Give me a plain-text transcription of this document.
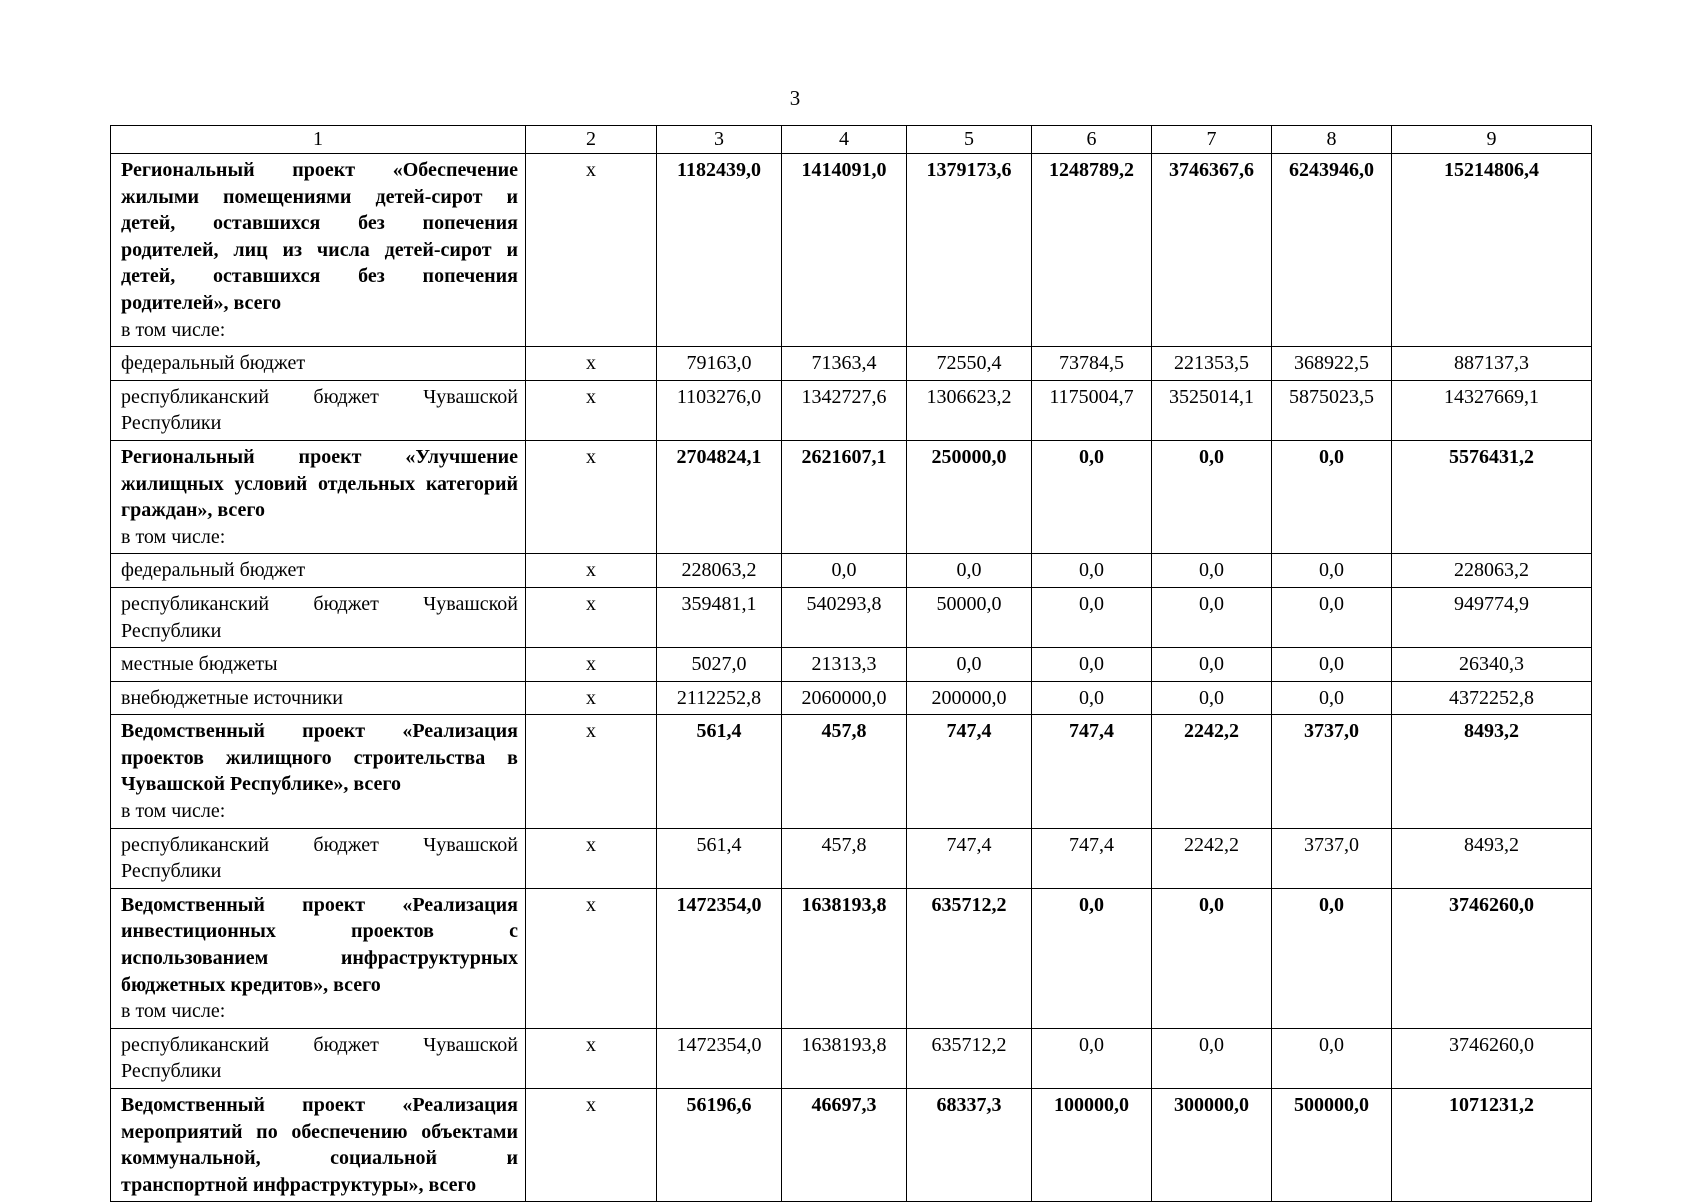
3
1	2	3	4	5	6	7	8	9

Региональный проект «Обеспечение жилыми помещениями детей-сирот и детей, оставшихся без попечения родителей, лиц из числа детей-сирот и детей, оставшихся без попечения родителей», всего
в том числе:	х	1182439,0	1414091,0	1379173,6	1248789,2	3746367,6	6243946,0	15214806,4

федеральный бюджет	х	79163,0	71363,4	72550,4	73784,5	221353,5	368922,5	887137,3

республиканский бюджет Чувашской Республики	х	1103276,0	1342727,6	1306623,2	1175004,7	3525014,1	5875023,5	14327669,1

Региональный проект «Улучшение жилищных условий отдельных категорий граждан», всего
в том числе:	х	2704824,1	2621607,1	250000,0	0,0	0,0	0,0	5576431,2

федеральный бюджет	х	228063,2	0,0	0,0	0,0	0,0	0,0	228063,2

республиканский бюджет Чувашской Республики	х	359481,1	540293,8	50000,0	0,0	0,0	0,0	949774,9

местные бюджеты	х	5027,0	21313,3	0,0	0,0	0,0	0,0	26340,3

внебюджетные источники	х	2112252,8	2060000,0	200000,0	0,0	0,0	0,0	4372252,8

Ведомственный проект «Реализация проектов жилищного строительства в Чувашской Республике», всего
в том числе:	х	561,4	457,8	747,4	747,4	2242,2	3737,0	8493,2

республиканский бюджет Чувашской Республики	х	561,4	457,8	747,4	747,4	2242,2	3737,0	8493,2

Ведомственный проект «Реализация инвестиционных проектов с использованием инфраструктурных бюджетных кредитов», всего
в том числе:	х	1472354,0	1638193,8	635712,2	0,0	0,0	0,0	3746260,0

республиканский бюджет Чувашской Республики	х	1472354,0	1638193,8	635712,2	0,0	0,0	0,0	3746260,0

Ведомственный проект «Реализация мероприятий по обеспечению объектами коммунальной, социальной и транспортной инфраструктуры», всего	х	56196,6	46697,3	68337,3	100000,0	300000,0	500000,0	1071231,2
